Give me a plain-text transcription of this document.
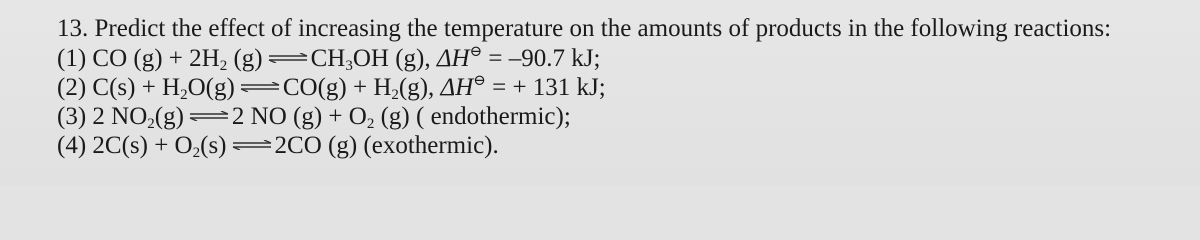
13. Predict the effect of increasing the temperature on the amounts of products in the following reactions:
(1) CO $(g) + 2H_2$ (g) ⇌ $CH_3OH$ (g), ΔH⊖ = –90.7 kJ;
(2) $C(s) + H_2O(g)$ ⇌ $CO(g) + H_2(g)$, ΔH⊖ = + 131 kJ;
(3) 2 $NO_2(g)$ ⇌ 2 NO $(g) + O_2$ (g) ( endothermic);
(4) $2C(s) + O_2(s)$ ⇌ 2CO (g) (exothermic).
